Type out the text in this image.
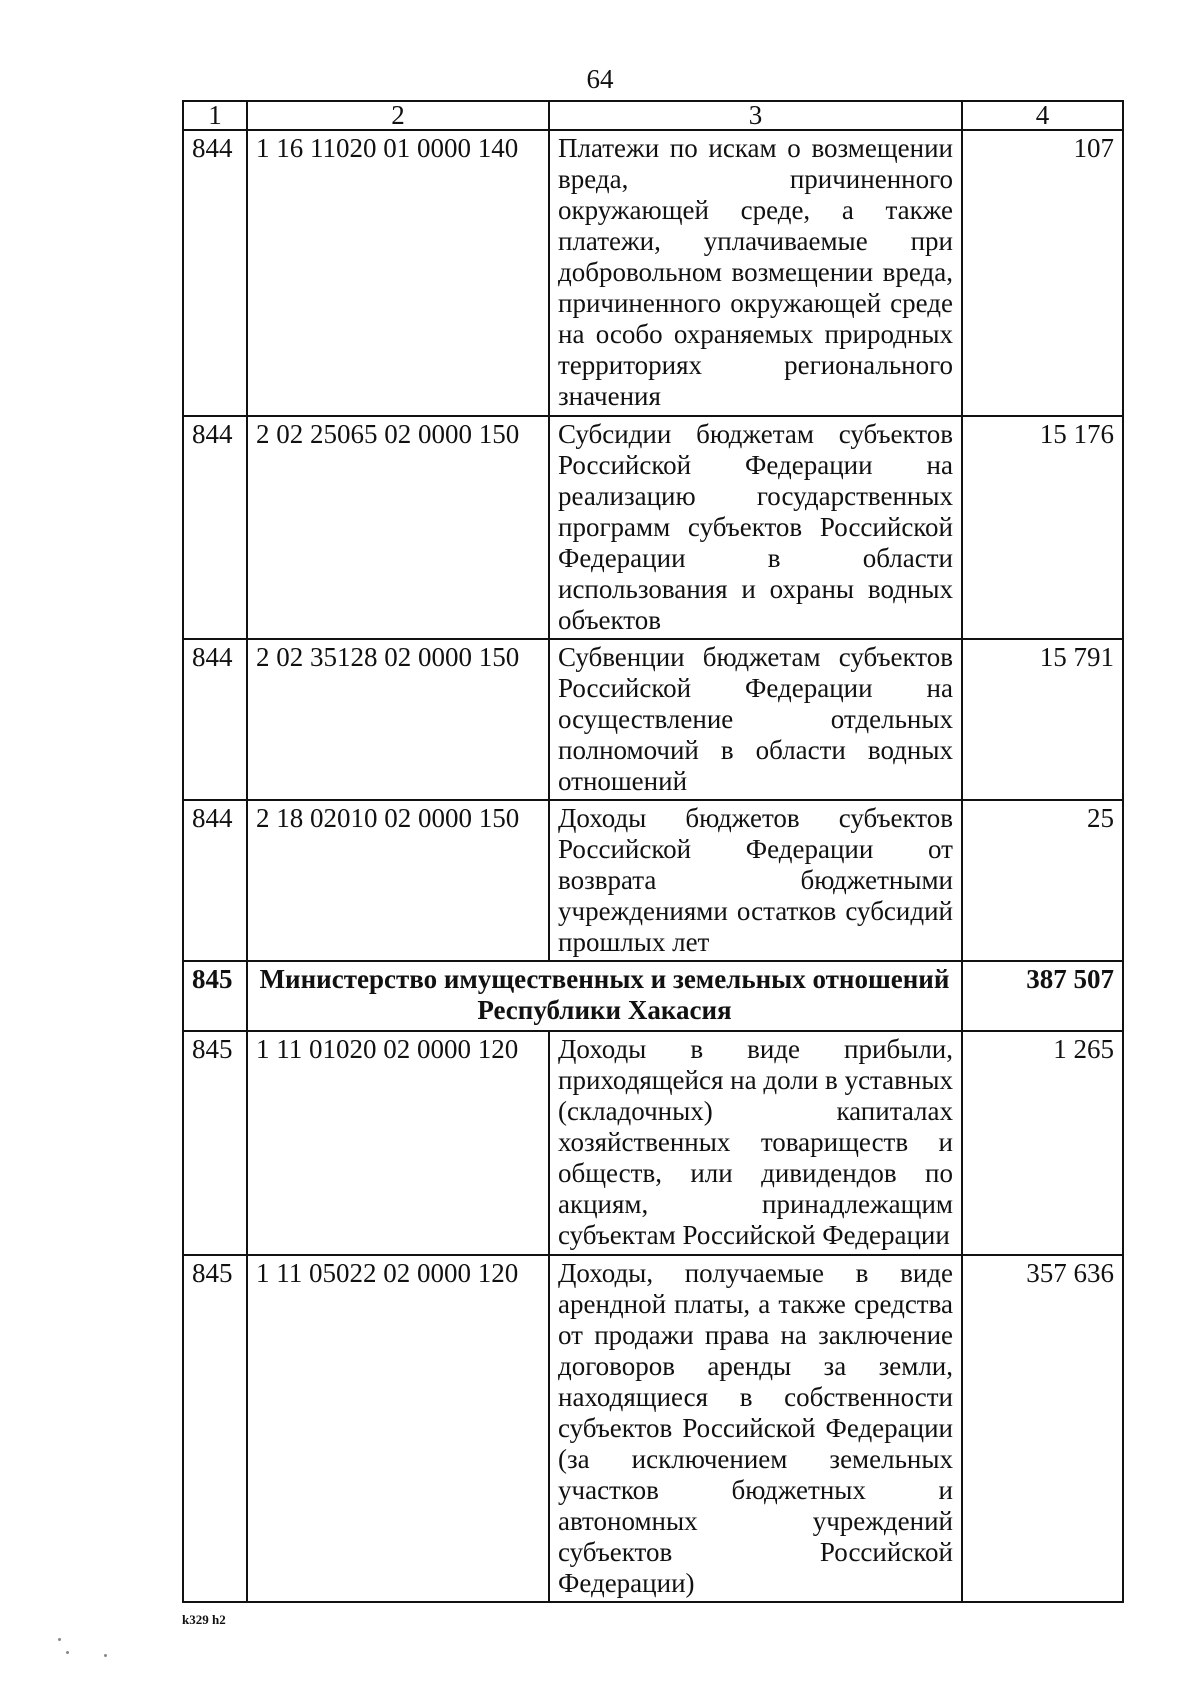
64
1	2	3	4
844	1 16 11020 01 0000 140	Платежи по искам о возмещении вреда, причиненного окружающей среде, а также платежи, уплачиваемые при добровольном возмещении вреда, причиненного окружающей среде на особо охраняемых природных территориях регионального значения	107
844	2 02 25065 02 0000 150	Субсидии бюджетам субъектов Российской Федерации на реализацию государственных программ субъектов Российской Федерации в области использования и охраны водных объектов	15 176
844	2 02 35128 02 0000 150	Субвенции бюджетам субъектов Российской Федерации на осуществление отдельных полномочий в области водных отношений	15 791
844	2 18 02010 02 0000 150	Доходы бюджетов субъектов Российской Федерации от возврата бюджетными учреждениями остатков субсидий прошлых лет	25
845	Министерство имущественных и земельных отношений Республики Хакасия		387 507
845	1 11 01020 02 0000 120	Доходы в виде прибыли, приходящейся на доли в уставных (складочных) капиталах хозяйственных товариществ и обществ, или дивидендов по акциям, принадлежащим субъектам Российской Федерации	1 265
845	1 11 05022 02 0000 120	Доходы, получаемые в виде арендной платы, а также средства от продажи права на заключение договоров аренды за земли, находящиеся в собственности субъектов Российской Федерации (за исключением земельных участков бюджетных и автономных учреждений субъектов Российской Федерации)	357 636
k329 h2
